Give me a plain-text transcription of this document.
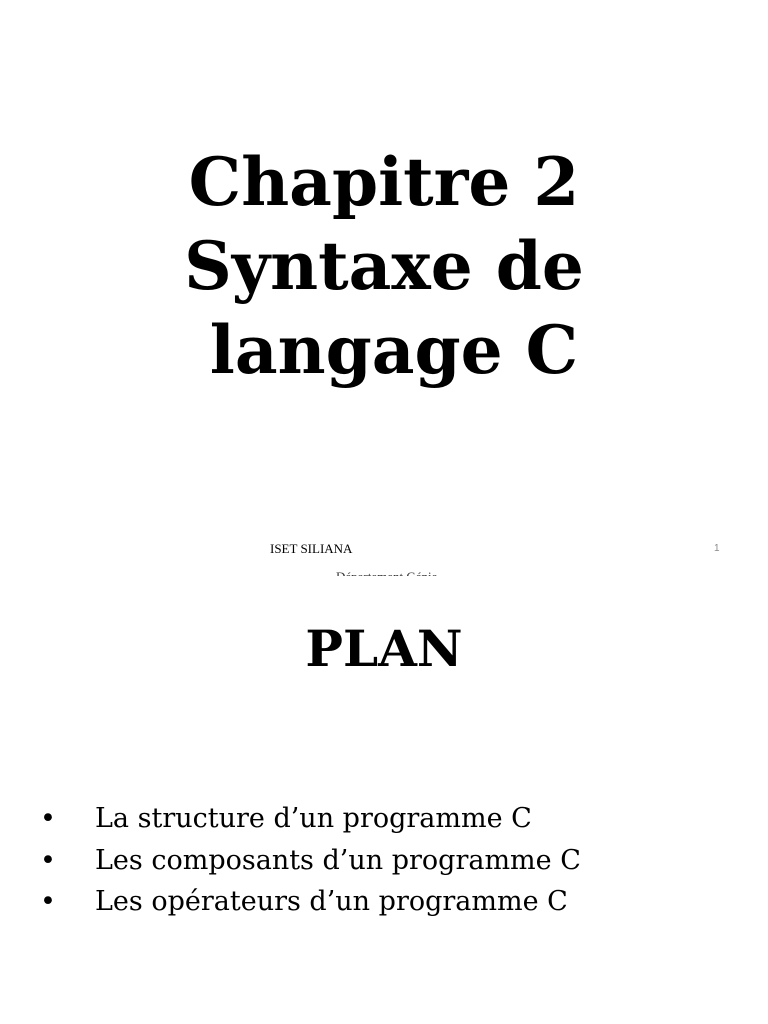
Chapitre 2
Syntaxe de
langage C
ISET SILIANA	1
PLAN
• La structure d’un programme C
• Les composants d’un programme C
• Les opérateurs d’un programme C
